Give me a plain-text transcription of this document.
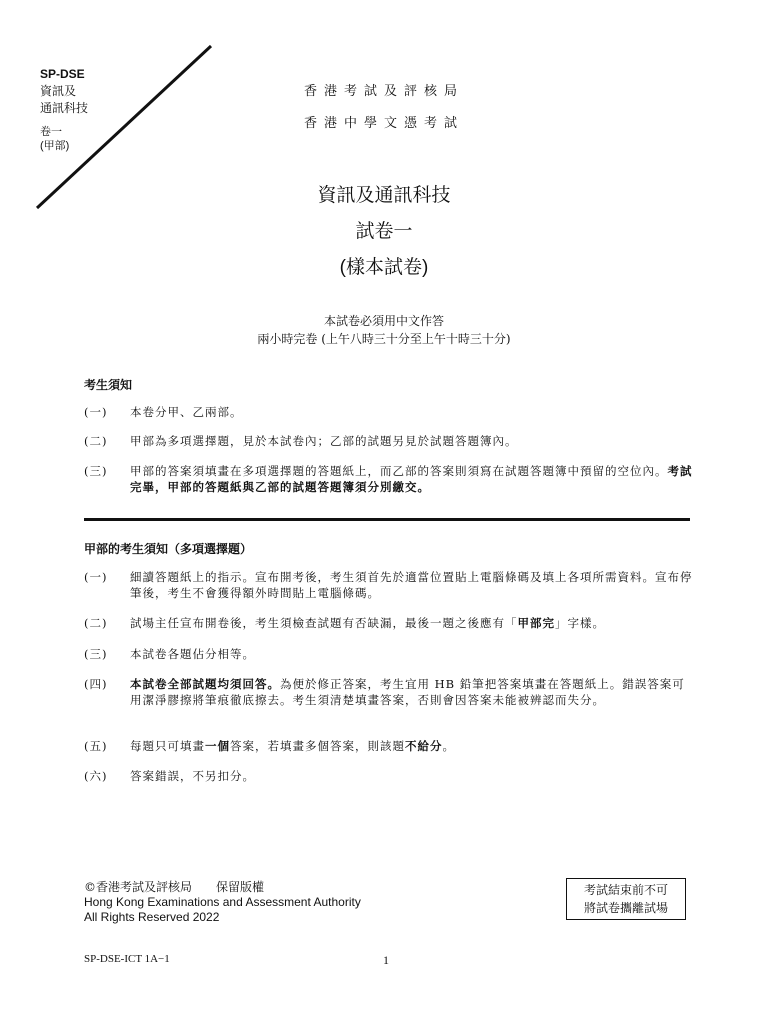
SP-DSE
資訊及
通訊科技
卷一
(甲部)
香港考試及評核局
香港中學文憑考試
資訊及通訊科技
試卷一
(樣本試卷)
本試卷必須用中文作答
兩小時完卷 (上午八時三十分至上午十時三十分)
考生須知
(一)	本卷分甲、乙兩部。
(二)	甲部為多項選擇題，見於本試卷內；乙部的試題另見於試題答題簿內。
(三)	甲部的答案須填畫在多項選擇題的答題紙上，而乙部的答案則須寫在試題答題簿中預留的空位內。考試完畢，甲部的答題紙與乙部的試題答題簿須分別繳交。
甲部的考生須知（多項選擇題）
(一)	細讀答題紙上的指示。宣布開考後，考生須首先於適當位置貼上電腦條碼及填上各項所需資料。宣布停筆後，考生不會獲得額外時間貼上電腦條碼。
(二)	試場主任宣布開卷後，考生須檢查試題有否缺漏，最後一題之後應有「甲部完」字樣。
(三)	本試卷各題佔分相等。
(四)	本試卷全部試題均須回答。為便於修正答案，考生宜用 HB 鉛筆把答案填畫在答題紙上。錯誤答案可用潔淨膠擦將筆痕徹底擦去。考生須清楚填畫答案，否則會因答案未能被辨認而失分。
(五)	每題只可填畫一個答案，若填畫多個答案，則該題不給分。
(六)	答案錯誤，不另扣分。
©香港考試及評核局　　保留版權
Hong Kong Examinations and Assessment Authority
All Rights Reserved 2022
考試結束前不可
將試卷攜離試場
SP-DSE-ICT 1A−1	1
